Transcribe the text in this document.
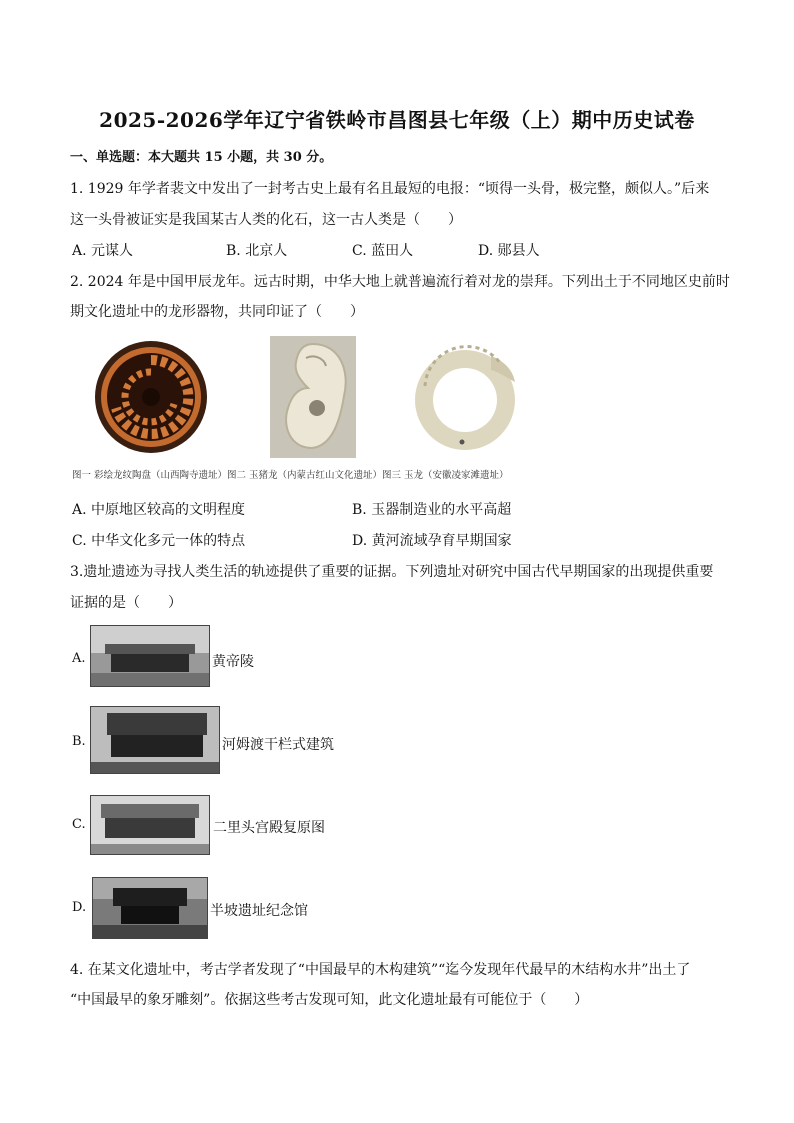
2025-2026学年辽宁省铁岭市昌图县七年级（上）期中历史试卷
一、单选题：本大题共 15 小题，共 30 分。
1. 1929 年学者裴文中发出了一封考古史上最有名且最短的电报：“顷得一头骨，极完整，颇似人。”后来
这一头骨被证实是我国某古人类的化石，这一古人类是（　　）
A. 元谋人	B. 北京人	C. 蓝田人	D. 郧县人
2. 2024 年是中国甲辰龙年。远古时期，中华大地上就普遍流行着对龙的崇拜。下列出土于不同地区史前时
期文化遗址中的龙形器物，共同印证了（　　）
图一 彩绘龙纹陶盘（山西陶寺遗址）图二 玉猪龙（内蒙古红山文化遗址）图三 玉龙（安徽凌家滩遗址）
A. 中原地区较高的文明程度	B. 玉器制造业的水平高超
C. 中华文化多元一体的特点	D. 黄河流域孕育早期国家
3.遗址遗迹为寻找人类生活的轨迹提供了重要的证据。下列遗址对研究中国古代早期国家的出现提供重要
证据的是（　　）
A.	黄帝陵
B.	河姆渡干栏式建筑
C.	二里头宫殿复原图
D.	半坡遗址纪念馆
4. 在某文化遗址中，考古学者发现了“中国最早的木构建筑”“迄今发现年代最早的木结构水井”出土了
“中国最早的象牙雕刻”。依据这些考古发现可知，此文化遗址最有可能位于（　　）
